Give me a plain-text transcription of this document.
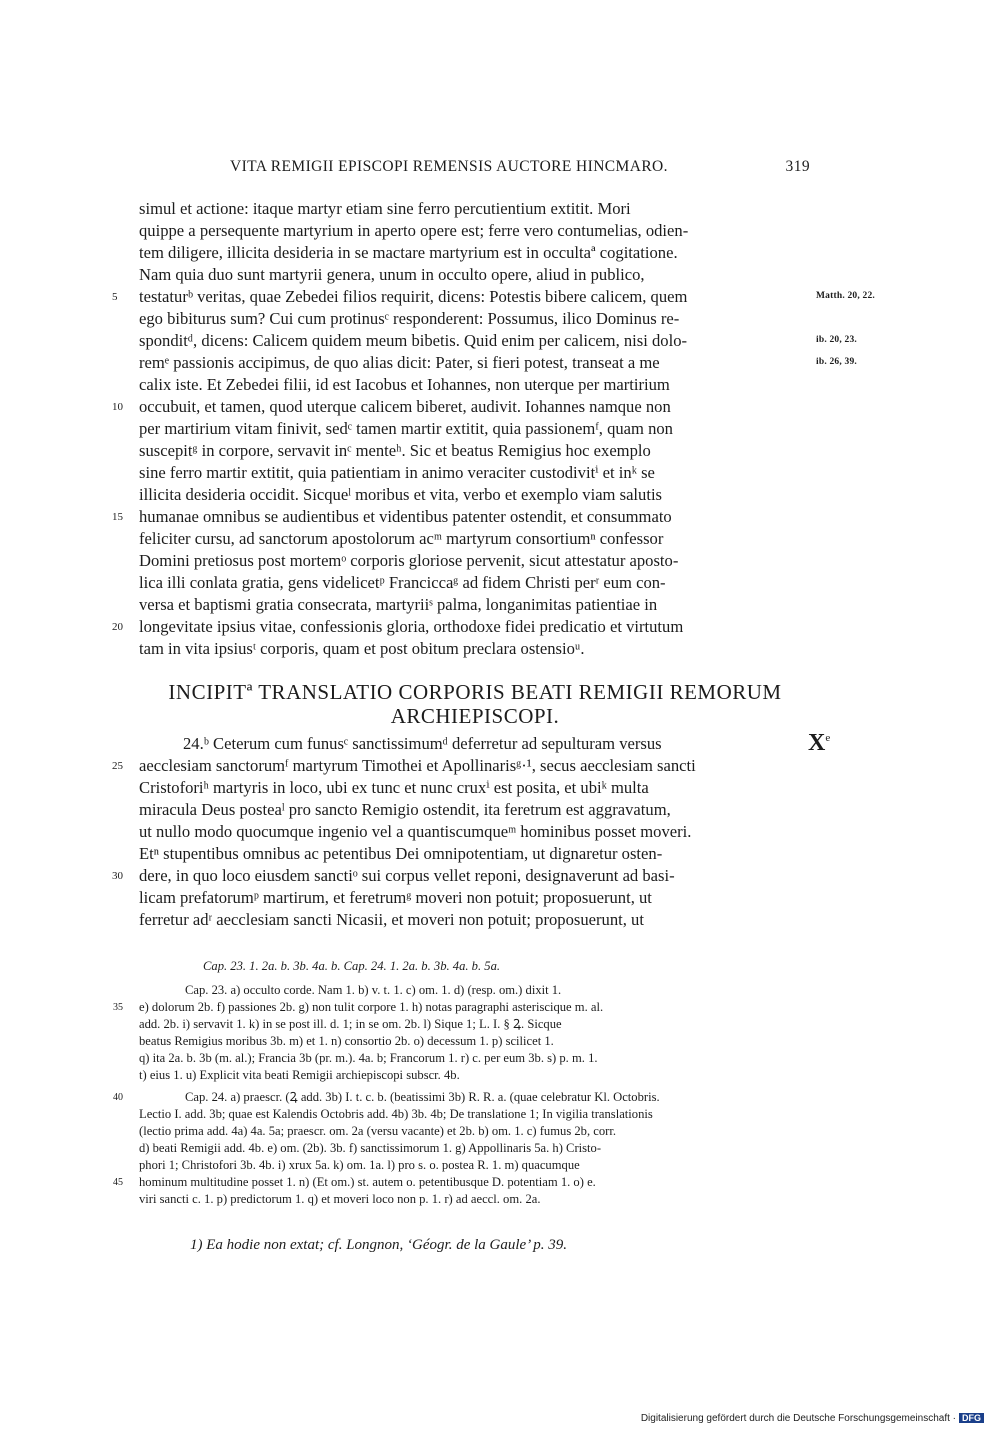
VITA REMIGII EPISCOPI REMENSIS AUCTORE HINCMARO.	319
simul et actione: itaque martyr etiam sine ferro percutientium extitit. Mori
quippe a persequente martyrium in aperto opere est; ferre vero contumelias, odien-
tem diligere, illicita desideria in se mactare martyrium est in occultaª cogitatione.
Nam quia duo sunt martyrii genera, unum in occulto opere, aliud in publico,
testaturᵇ veritas, quae Zebedei filios requirit, dicens: Potestis bibere calicem, quem
ego bibiturus sum? Cui cum protinusᶜ responderent: Possumus, ilico Dominus re-
sponditᵈ, dicens: Calicem quidem meum bibetis. Quid enim per calicem, nisi dolo-
remᵉ passionis accipimus, de quo alias dicit: Pater, si fieri potest, transeat a me
calix iste. Et Zebedei filii, id est Iacobus et Iohannes, non uterque per martirium
occubuit, et tamen, quod uterque calicem biberet, audivit. Iohannes namque non
per martirium vitam finivit, sedᶜ tamen martir extitit, quia passionemᶠ, quam non
suscepitᵍ in corpore, servavit inᶜ menteʰ. Sic et beatus Remigius hoc exemplo
sine ferro martir extitit, quia patientiam in animo veraciter custodivitⁱ et inᵏ se
illicita desideria occidit. Sicqueˡ moribus et vita, verbo et exemplo viam salutis
humanae omnibus se audientibus et videntibus patenter ostendit, et consummato
feliciter cursu, ad sanctorum apostolorum acᵐ martyrum consortiumⁿ confessor
Domini pretiosus post mortemᵒ corporis gloriose pervenit, sicut attestatur aposto-
lica illi conlata gratia, gens videlicetᵖ Franciccaᵍ ad fidem Christi perʳ eum con-
versa et baptismi gratia consecrata, martyriiˢ palma, longanimitas patientiae in
longevitate ipsius vitae, confessionis gloria, orthodoxe fidei predicatio et virtutum
tam in vita ipsiusᵗ corporis, quam et post obitum preclara ostensioᵘ.
5
10
15
20
Matth. 20, 22.
ib. 20, 23.
ib. 26, 39.
INCIPITª TRANSLATIO CORPORIS BEATI REMIGII REMORUM
ARCHIEPISCOPI.
Xe
24.ᵇ Ceterum cum funusᶜ sanctissimumᵈ deferretur ad sepulturam versus
aecclesiam sanctorumᶠ martyrum Timothei et Apollinarisᵍ·¹, secus aecclesiam sancti
Cristoforiʰ martyris in loco, ubi ex tunc et nunc cruxⁱ est posita, et ubiᵏ multa
miracula Deus posteaˡ pro sancto Remigio ostendit, ita feretrum est aggravatum,
ut nullo modo quocumque ingenio vel a quantiscumqueᵐ hominibus posset moveri.
Etⁿ stupentibus omnibus ac petentibus Dei omnipotentiam, ut dignaretur osten-
dere, in quo loco eiusdem sanctiᵒ sui corpus vellet reponi, designaverunt ad basi-
licam prefatorumᵖ martirum, et feretrumᵍ moveri non potuit; proposuerunt, ut
ferretur adʳ aecclesiam sancti Nicasii, et moveri non potuit; proposuerunt, ut
25
30
Cap. 23. 1. 2a. b. 3b. 4a. b. Cap. 24. 1. 2a. b. 3b. 4a. b. 5a.
Cap. 23. a) occulto corde. Nam 1. b) v. t. 1. c) om. 1. d) (resp. om.) dixit 1.
e) dolorum 2b. f) passiones 2b. g) non tulit corpore 1. h) notas paragraphi asteriscique m. al.
add. 2b. i) servavit 1. k) in se post ill. d. 1; in se om. 2b. l) Sique 1; L. I. § Ꝝ. Sicque
beatus Remigius moribus 3b. m) et 1. n) consortio 2b. o) decessum 1. p) scilicet 1.
q) ita 2a. b. 3b (m. al.); Francia 3b (pr. m.). 4a. b; Francorum 1. r) c. per eum 3b. s) p. m. 1.
t) eius 1. u) Explicit vita beati Remigii archiepiscopi subscr. 4b.
Cap. 24. a) praescr. (Ꝝ add. 3b) I. t. c. b. (beatissimi 3b) R. R. a. (quae celebratur Kl. Octobris.
Lectio I. add. 3b; quae est Kalendis Octobris add. 4b) 3b. 4b; De translatione 1; In vigilia translationis
(lectio prima add. 4a) 4a. 5a; praescr. om. 2a (versu vacante) et 2b. b) om. 1. c) fumus 2b, corr.
d) beati Remigii add. 4b. e) om. (2b). 3b. f) sanctissimorum 1. g) Appollinaris 5a. h) Cristo-
phori 1; Christofori 3b. 4b. i) xrux 5a. k) om. 1a. l) pro s. o. postea R. 1. m) quacumque
hominum multitudine posset 1. n) (Et om.) st. autem o. petentibusque D. potentiam 1. o) e.
viri sancti c. 1. p) predictorum 1. q) et moveri loco non p. 1. r) ad aeccl. om. 2a.
35
40
45
1) Ea hodie non extat; cf. Longnon, ‘Géogr. de la Gaule’ p. 39.
Digitalisierung gefördert durch die Deutsche Forschungsgemeinschaft · DFG
